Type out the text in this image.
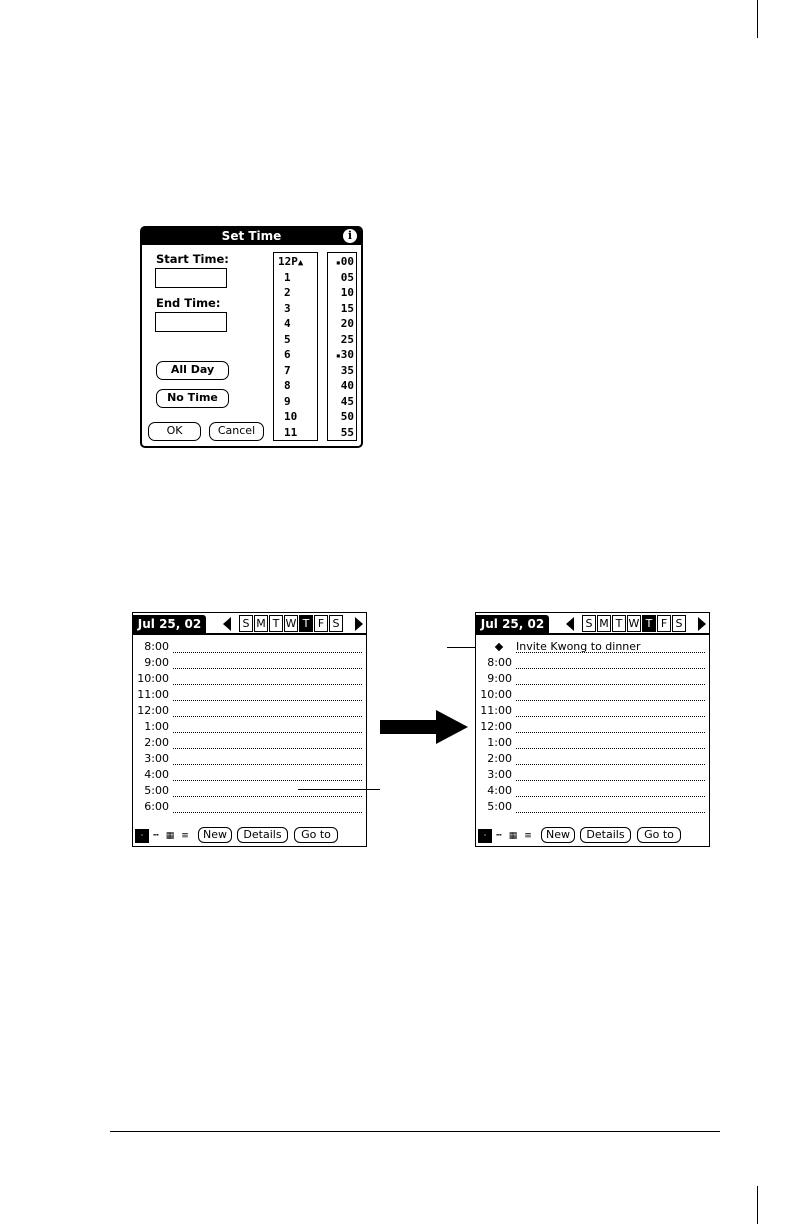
Set Time	i
Start Time:
End Time:
All Day
No Time
OK	Cancel
12P▲
1
2
3
4
5
6
7
8
9
10
11
▪00
05
10
15
20
25
▪30
35
40
45
50
55
Jul 25, 02	S M T W T F S
8:00
9:00
10:00
11:00
12:00
1:00
2:00
3:00
4:00
5:00
6:00
·	┅ ▦ ≡	New	Details	Go to
Jul 25, 02	S M T W T F S
Invite Kwong to dinner
8:00
9:00
10:00
11:00
12:00
1:00
2:00
3:00
4:00
5:00
·	┅ ▦ ≡	New	Details	Go to
